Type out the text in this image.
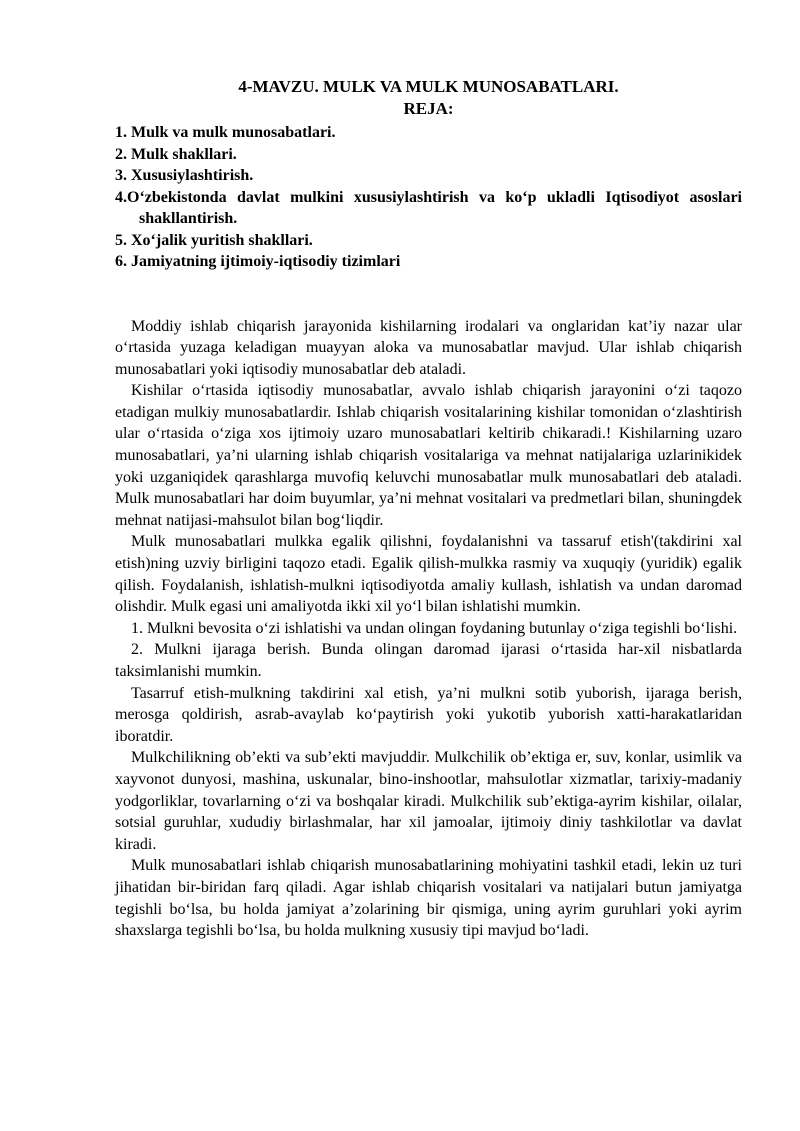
4-MAVZU. MULK VA MULK MUNOSABATLARI.
REJA:
1. Mulk va mulk munosabatlari.
2. Mulk shakllari.
3. Xususiylashtirish.
4.O‘zbekistonda davlat mulkini xususiylashtirish va ko‘p ukladli Iqtisodiyot asoslari shakllantirish.
5. Xo‘jalik yuritish shakllari.
6. Jamiyatning ijtimoiy-iqtisodiy tizimlari

Moddiy ishlab chiqarish jarayonida kishilarning irodalari va onglaridan kat’iy nazar ular o‘rtasida yuzaga keladigan muayyan aloka va munosabatlar mavjud. Ular ishlab chiqarish munosabatlari yoki iqtisodiy munosabatlar deb ataladi.

Kishilar o‘rtasida iqtisodiy munosabatlar, avvalo ishlab chiqarish jarayonini o‘zi taqozo etadigan mulkiy munosabatlardir. Ishlab chiqarish vositalarining kishilar tomonidan o‘zlashtirish ular o‘rtasida o‘ziga xos ijtimoiy uzaro munosabatlari keltirib chikaradi.! Kishilarning uzaro munosabatlari, ya’ni ularning ishlab chiqarish vositalariga va mehnat natijalariga uzlarinikidek yoki uzganiqidek qarashlarga muvofiq keluvchi munosabatlar mulk munosabatlari deb ataladi. Mulk munosabatlari har doim buyumlar, ya’ni mehnat vositalari va predmetlari bilan, shuningdek mehnat natijasi-mahsulot bilan bog‘liqdir.

Mulk munosabatlari mulkka egalik qilishni, foydalanishni va tassaruf etish'(takdirini xal etish)ning uzviy birligini taqozo etadi. Egalik qilish-mulkka rasmiy va xuquqiy (yuridik) egalik qilish. Foydalanish, ishlatish-mulkni iqtisodiyotda amaliy kullash, ishlatish va undan daromad olishdir. Mulk egasi uni amaliyotda ikki xil yo‘l bilan ishlatishi mumkin.

1. Mulkni bevosita o‘zi ishlatishi va undan olingan foydaning butunlay o‘ziga tegishli bo‘lishi.

2. Mulkni ijaraga berish. Bunda olingan daromad ijarasi o‘rtasida har-xil nisbatlarda taksimlanishi mumkin.

Tasarruf etish-mulkning takdirini xal etish, ya’ni mulkni sotib yuborish, ijaraga berish, merosga qoldirish, asrab-avaylab ko‘paytirish yoki yukotib yuborish xatti-harakatlaridan iboratdir.

Mulkchilikning ob’ekti va sub’ekti mavjuddir. Mulkchilik ob’ektiga er, suv, konlar, usimlik va xayvonot dunyosi, mashina, uskunalar, bino-inshootlar, mahsulotlar xizmatlar, tarixiy-madaniy yodgorliklar, tovarlarning o‘zi va boshqalar kiradi. Mulkchilik sub’ektiga-ayrim kishilar, oilalar, sotsial guruhlar, xududiy birlashmalar, har xil jamoalar, ijtimoiy diniy tashkilotlar va davlat kiradi.

Mulk munosabatlari ishlab chiqarish munosabatlarining mohiyatini tashkil etadi, lekin uz turi jihatidan bir-biridan farq qiladi. Agar ishlab chiqarish vositalari va natijalari butun jamiyatga tegishli bo‘lsa, bu holda jamiyat a’zolarining bir qismiga, uning ayrim guruhlari yoki ayrim shaxslarga tegishli bo‘lsa, bu holda mulkning xususiy tipi mavjud bo‘ladi.
